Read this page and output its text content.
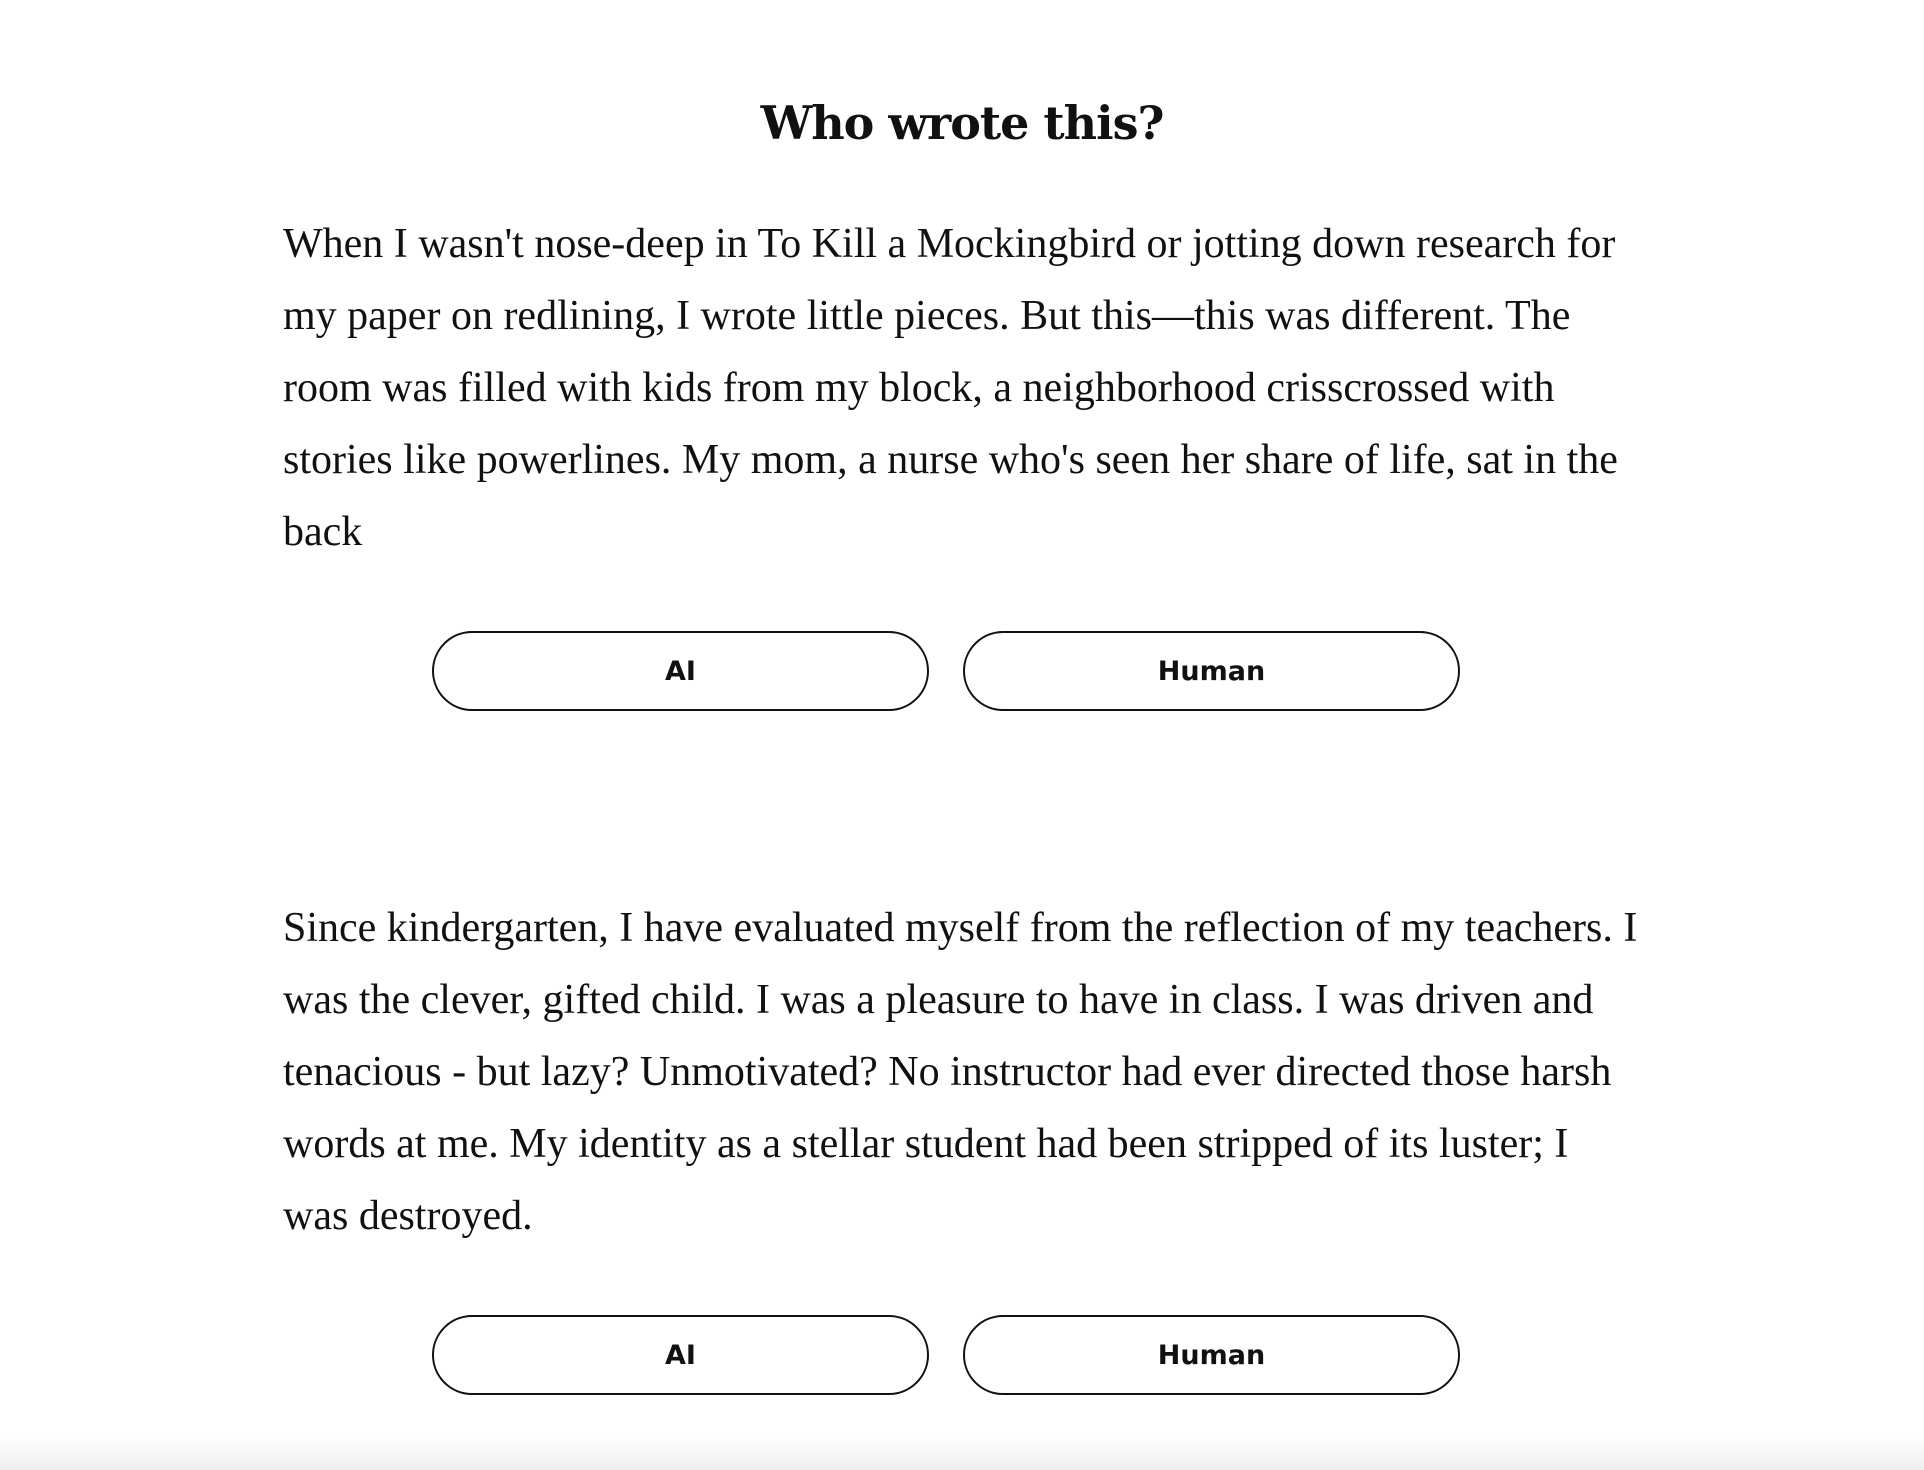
Who wrote this?

When I wasn't nose-deep in To Kill a Mockingbird or jotting down research for my paper on redlining, I wrote little pieces. But this—this was different. The room was filled with kids from my block, a neighborhood crisscrossed with stories like powerlines. My mom, a nurse who's seen her share of life, sat in the back

AI	Human

Since kindergarten, I have evaluated myself from the reflection of my teachers. I was the clever, gifted child. I was a pleasure to have in class. I was driven and tenacious - but lazy? Unmotivated? No instructor had ever directed those harsh words at me. My identity as a stellar student had been stripped of its luster; I was destroyed.

AI	Human
